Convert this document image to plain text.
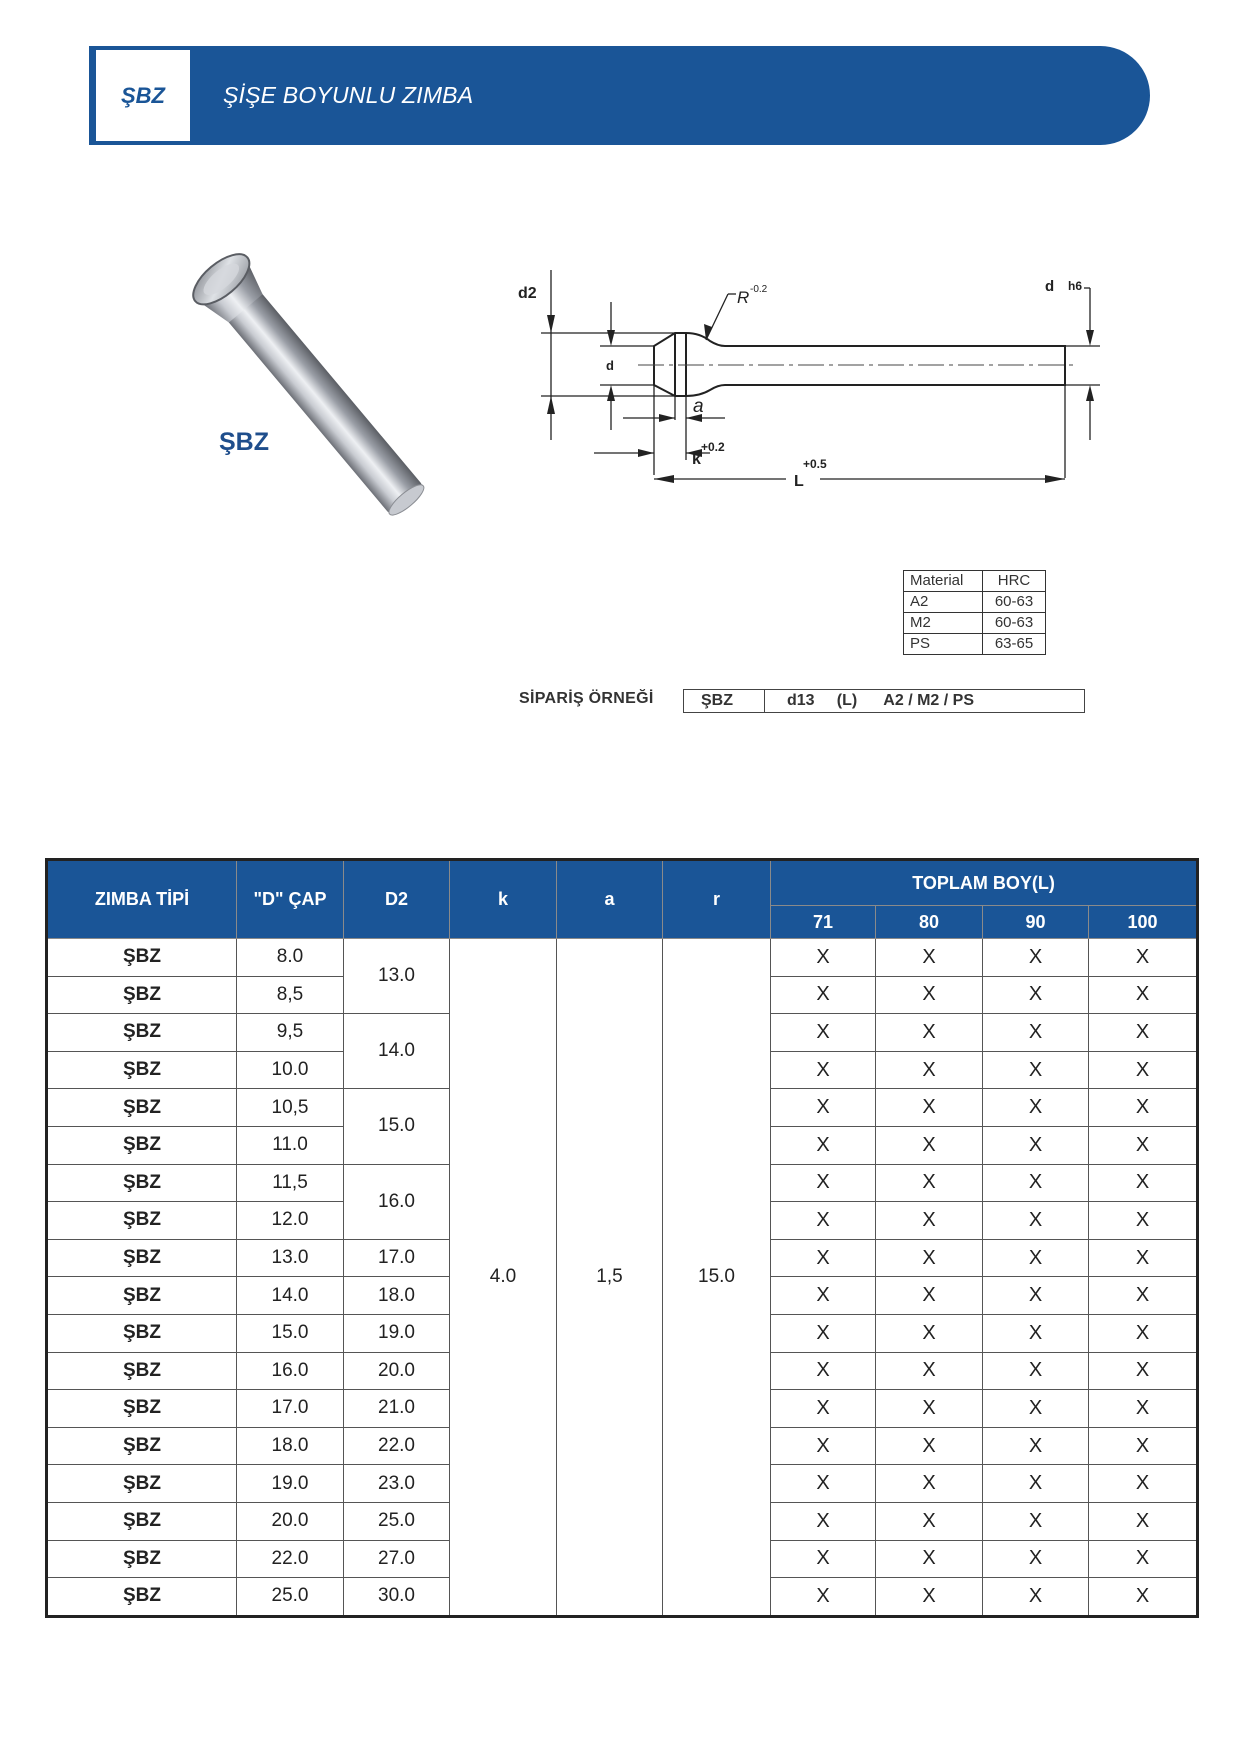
ŞBZ	ŞİŞE BOYUNLU ZIMBA
ŞBZ
R -0.2	d h6
d2
d
a
k
+0.2
L
+0.5
Material	HRC
A2	60-63
M2	60-63
PS	63-65
SİPARİŞ ÖRNEĞİ	ŞBZ	d13     (L)      A2 / M2 / PS
ZIMBA TİPİ	"D" ÇAP	D2	k	a	r	TOPLAM BOY(L)			
						71	80	90	100
ŞBZ	8.0	13.0	4.0	1,5	15.0	X	X	X	X
ŞBZ	8,5					X	X	X	X
ŞBZ	9,5	14.0				X	X	X	X
ŞBZ	10.0					X	X	X	X
ŞBZ	10,5	15.0				X	X	X	X
ŞBZ	11.0					X	X	X	X
ŞBZ	11,5	16.0				X	X	X	X
ŞBZ	12.0					X	X	X	X
ŞBZ	13.0	17.0				X	X	X	X
ŞBZ	14.0	18.0				X	X	X	X
ŞBZ	15.0	19.0				X	X	X	X
ŞBZ	16.0	20.0				X	X	X	X
ŞBZ	17.0	21.0				X	X	X	X
ŞBZ	18.0	22.0				X	X	X	X
ŞBZ	19.0	23.0				X	X	X	X
ŞBZ	20.0	25.0				X	X	X	X
ŞBZ	22.0	27.0				X	X	X	X
ŞBZ	25.0	30.0				X	X	X	X
